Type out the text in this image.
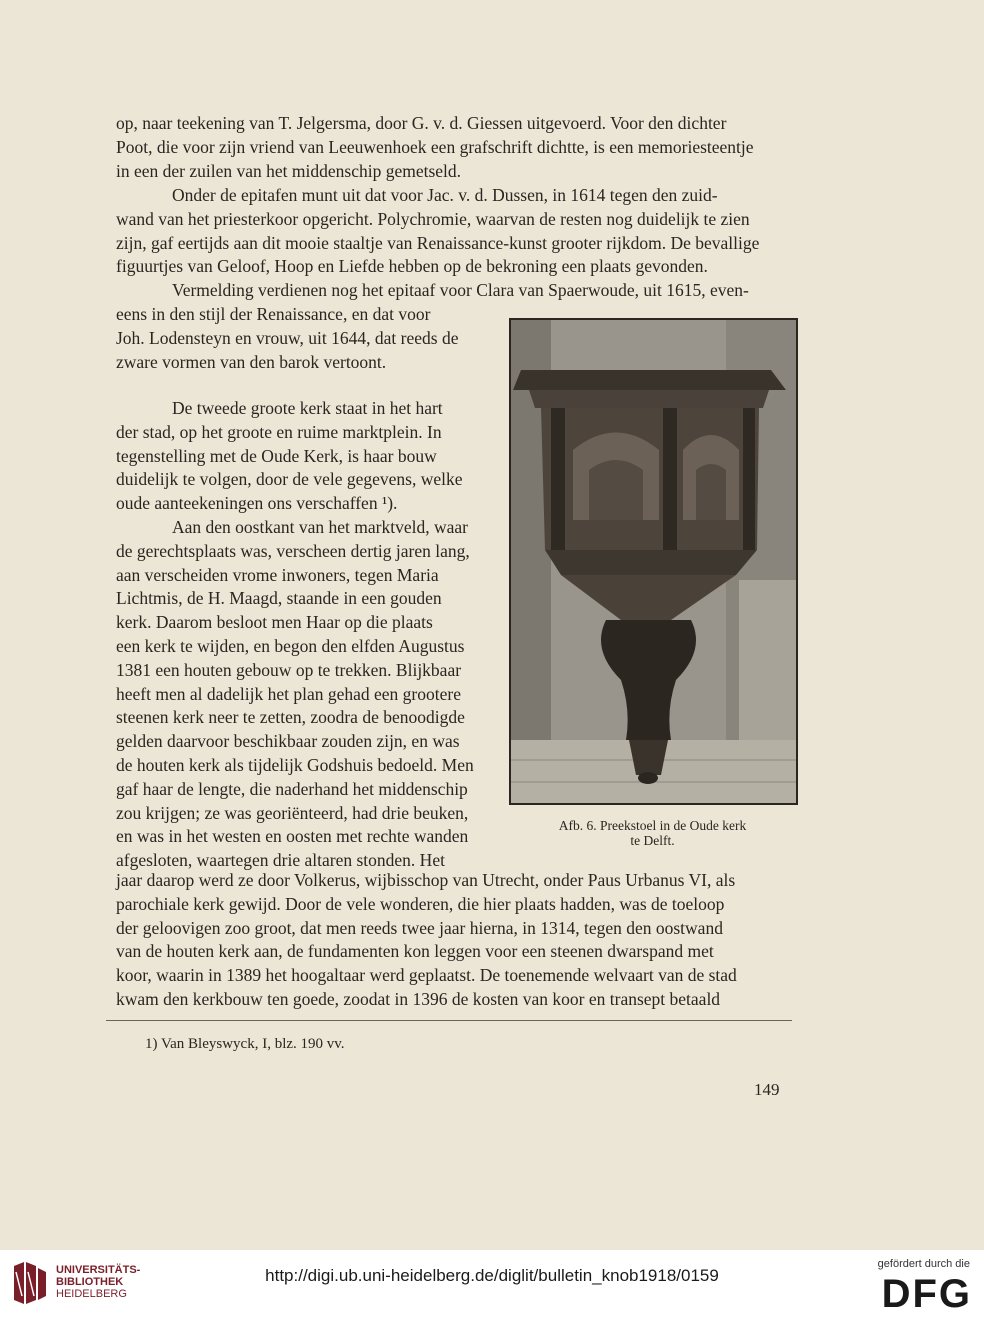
op, naar teekening van T. Jelgersma, door G. v. d. Giessen uitgevoerd. Voor den dichter
Poot, die voor zijn vriend van Leeuwenhoek een grafschrift dichtte, is een memoriesteentje
in een der zuilen van het middenschip gemetseld.

Onder de epitafen munt uit dat voor Jac. v. d. Dussen, in 1614 tegen den zuid-
wand van het priesterkoor opgericht. Polychromie, waarvan de resten nog duidelijk te zien
zijn, gaf eertijds aan dit mooie staaltje van Renaissance-kunst grooter rijkdom. De bevallige
figuurtjes van Geloof, Hoop en Liefde hebben op de bekroning een plaats gevonden.

Vermelding verdienen nog het epitaaf voor Clara van Spaerwoude, uit 1615, even-

eens in den stijl der Renaissance, en dat voor
Joh. Lodensteyn en vrouw, uit 1644, dat reeds de
zware vormen van den barok vertoont.

De tweede groote kerk staat in het hart
der stad, op het groote en ruime marktplein. In
tegenstelling met de Oude Kerk, is haar bouw
duidelijk te volgen, door de vele gegevens, welke
oude aanteekeningen ons verschaffen ¹).

Aan den oostkant van het marktveld, waar
de gerechtsplaats was, verscheen dertig jaren lang,
aan verscheiden vrome inwoners, tegen Maria
Lichtmis, de H. Maagd, staande in een gouden
kerk. Daarom besloot men Haar op die plaats
een kerk te wijden, en begon den elfden Augustus
1381 een houten gebouw op te trekken. Blijkbaar
heeft men al dadelijk het plan gehad een grootere
steenen kerk neer te zetten, zoodra de benoodigde
gelden daarvoor beschikbaar zouden zijn, en was
de houten kerk als tijdelijk Godshuis bedoeld. Men
gaf haar de lengte, die naderhand het middenschip
zou krijgen; ze was georiënteerd, had drie beuken,
en was in het westen en oosten met rechte wanden
afgesloten, waartegen drie altaren stonden. Het

jaar daarop werd ze door Volkerus, wijbisschop van Utrecht, onder Paus Urbanus VI, als
parochiale kerk gewijd. Door de vele wonderen, die hier plaats hadden, was de toeloop
der geloovigen zoo groot, dat men reeds twee jaar hierna, in 1314, tegen den oostwand
van de houten kerk aan, de fundamenten kon leggen voor een steenen dwarspand met
koor, waarin in 1389 het hoogaltaar werd geplaatst. De toenemende welvaart van de stad
kwam den kerkbouw ten goede, zoodat in 1396 de kosten van koor en transept betaald

Afb. 6. Preekstoel in de Oude kerk
te Delft.

1) Van Bleyswyck, I, blz. 190 vv.

149

UNIVERSITÄTS-
BIBLIOTHEK
HEIDELBERG
http://digi.ub.uni-heidelberg.de/diglit/bulletin_knob1918/0159
gefördert durch die
DFG
